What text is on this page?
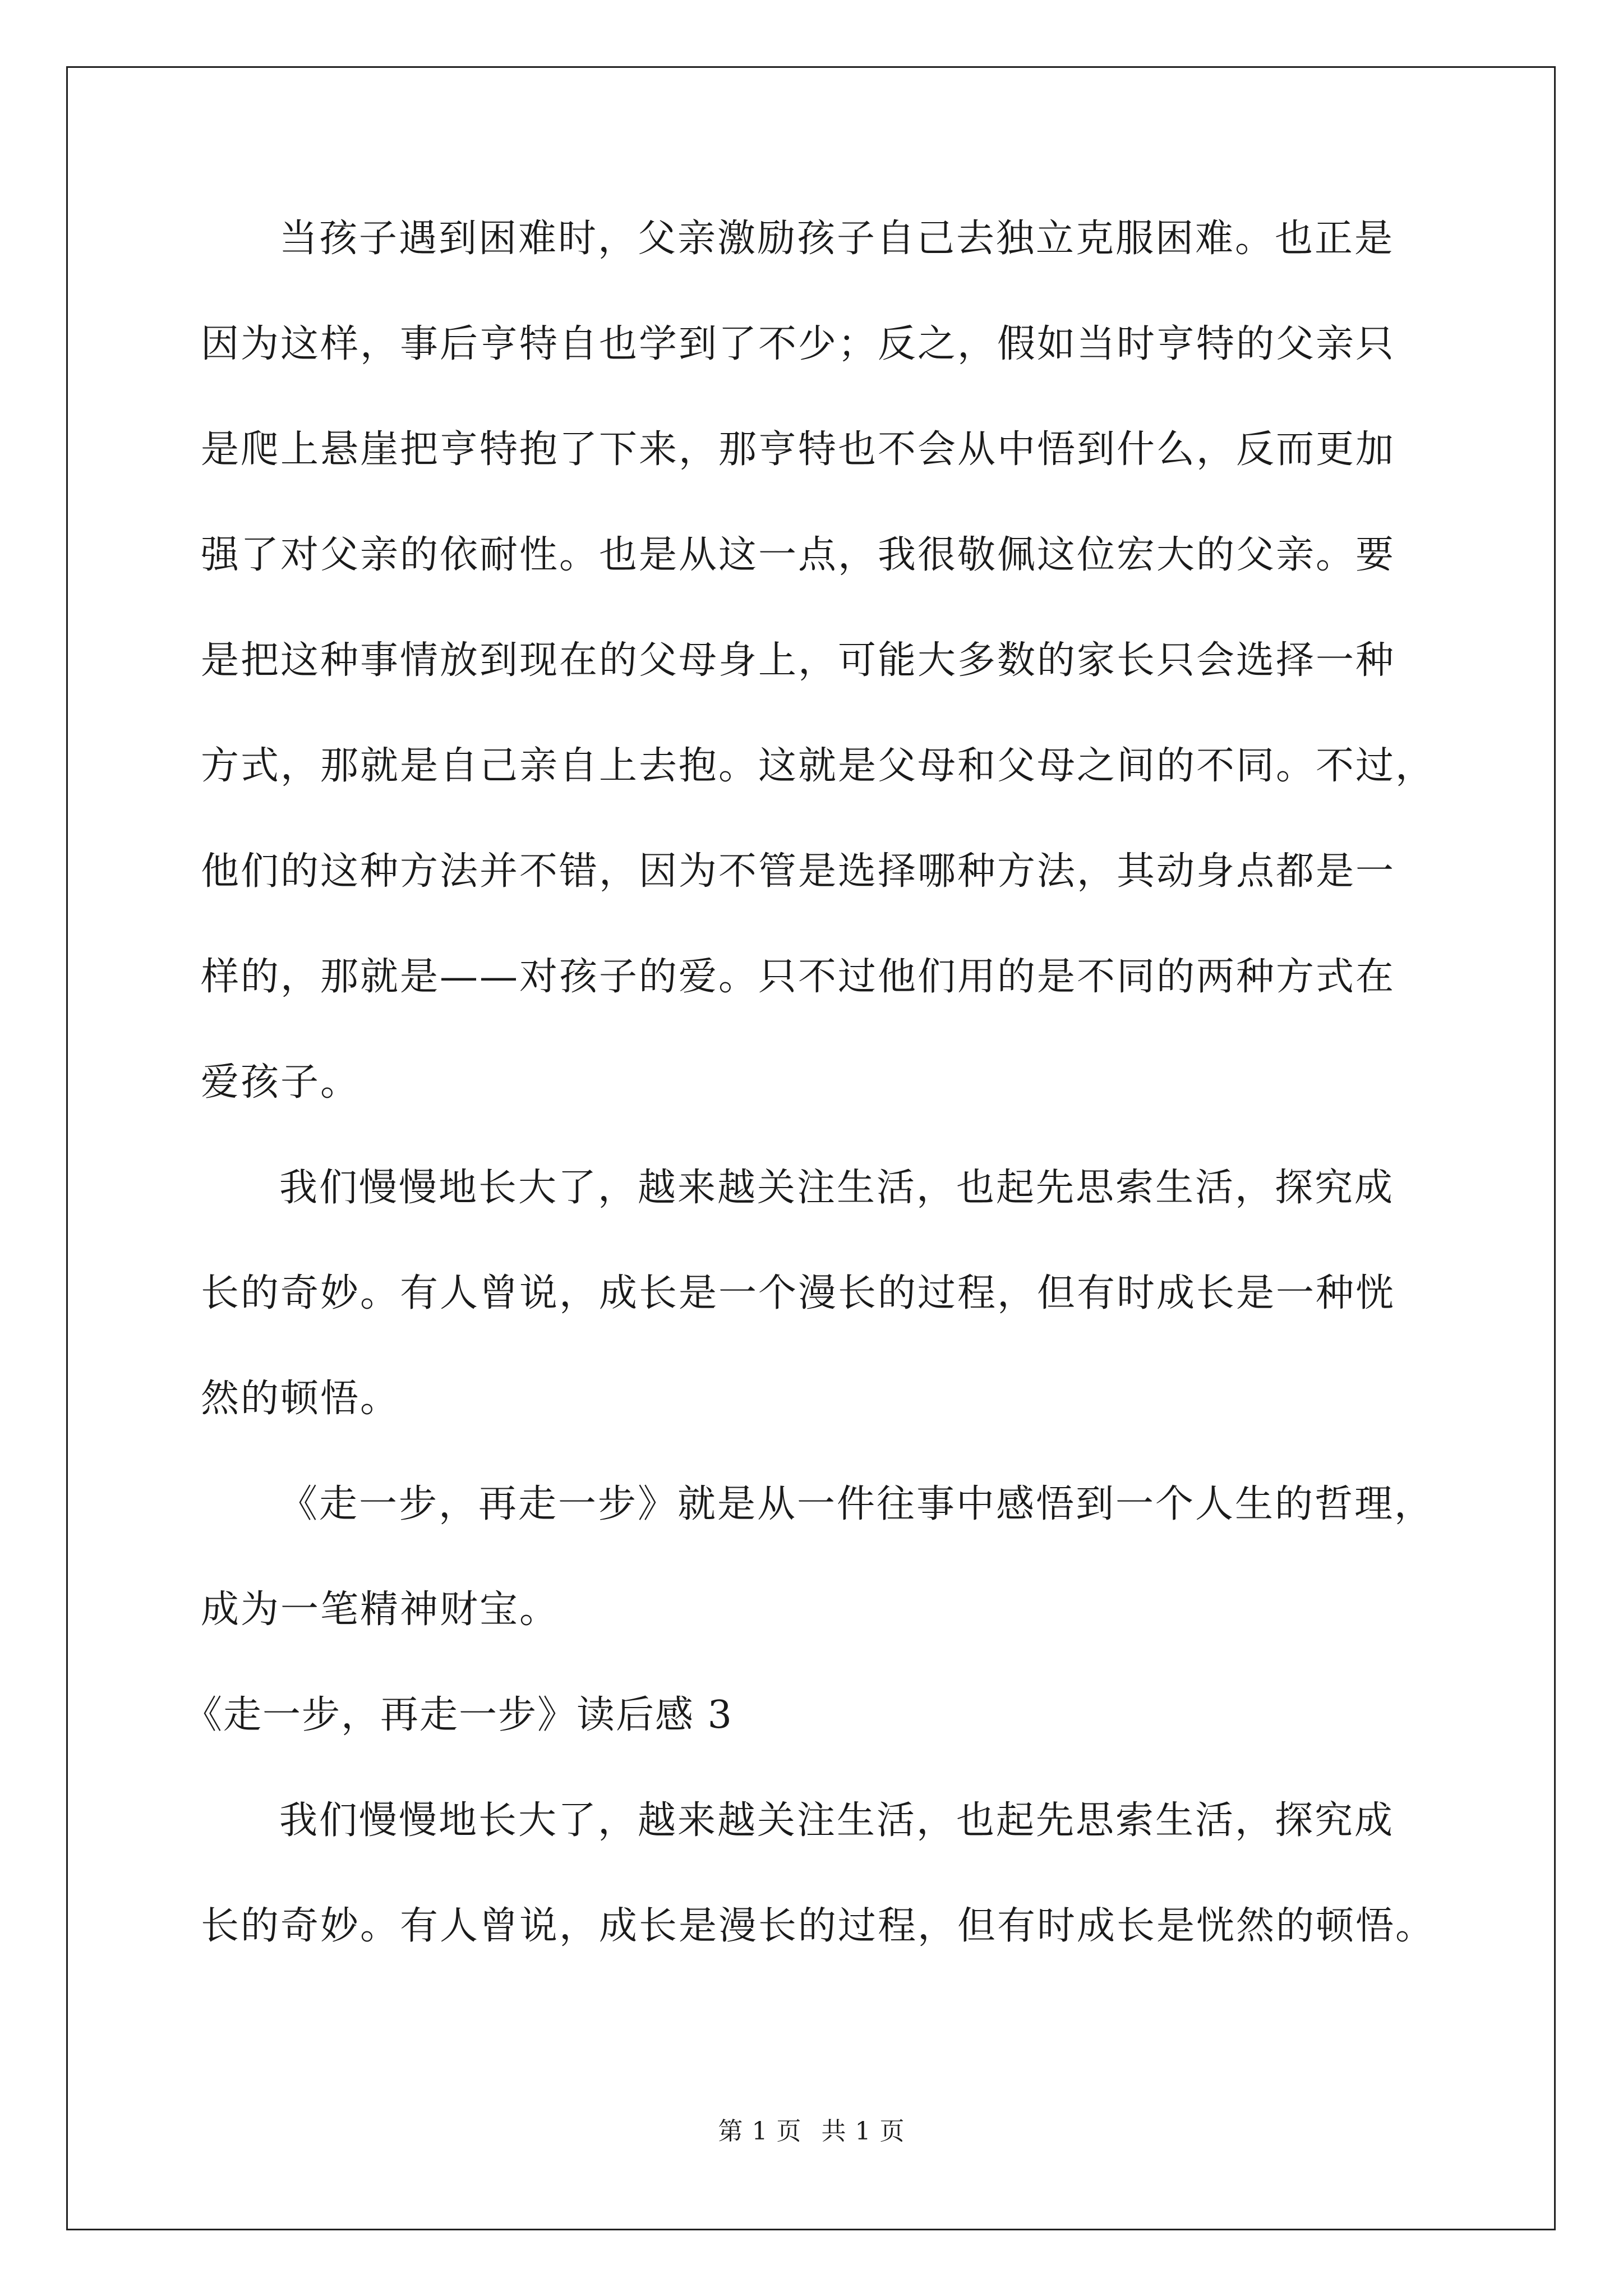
当孩子遇到困难时，父亲激励孩子自己去独立克服困难。也正是
因为这样，事后亨特自也学到了不少；反之，假如当时亨特的父亲只
是爬上悬崖把亨特抱了下来，那亨特也不会从中悟到什么，反而更加
强了对父亲的依耐性。也是从这一点，我很敬佩这位宏大的父亲。要
是把这种事情放到现在的父母身上，可能大多数的家长只会选择一种
方式，那就是自己亲自上去抱。这就是父母和父母之间的不同。不过，
他们的这种方法并不错，因为不管是选择哪种方法，其动身点都是一
样的，那就是——对孩子的爱。只不过他们用的是不同的两种方式在
爱孩子。
我们慢慢地长大了，越来越关注生活，也起先思索生活，探究成
长的奇妙。有人曾说，成长是一个漫长的过程，但有时成长是一种恍
然的顿悟。
《走一步，再走一步》就是从一件往事中感悟到一个人生的哲理，
成为一笔精神财宝。
《走一步，再走一步》读后感 3
我们慢慢地长大了，越来越关注生活，也起先思索生活，探究成
长的奇妙。有人曾说，成长是漫长的过程，但有时成长是恍然的顿悟。
第 1 页 共 1 页
